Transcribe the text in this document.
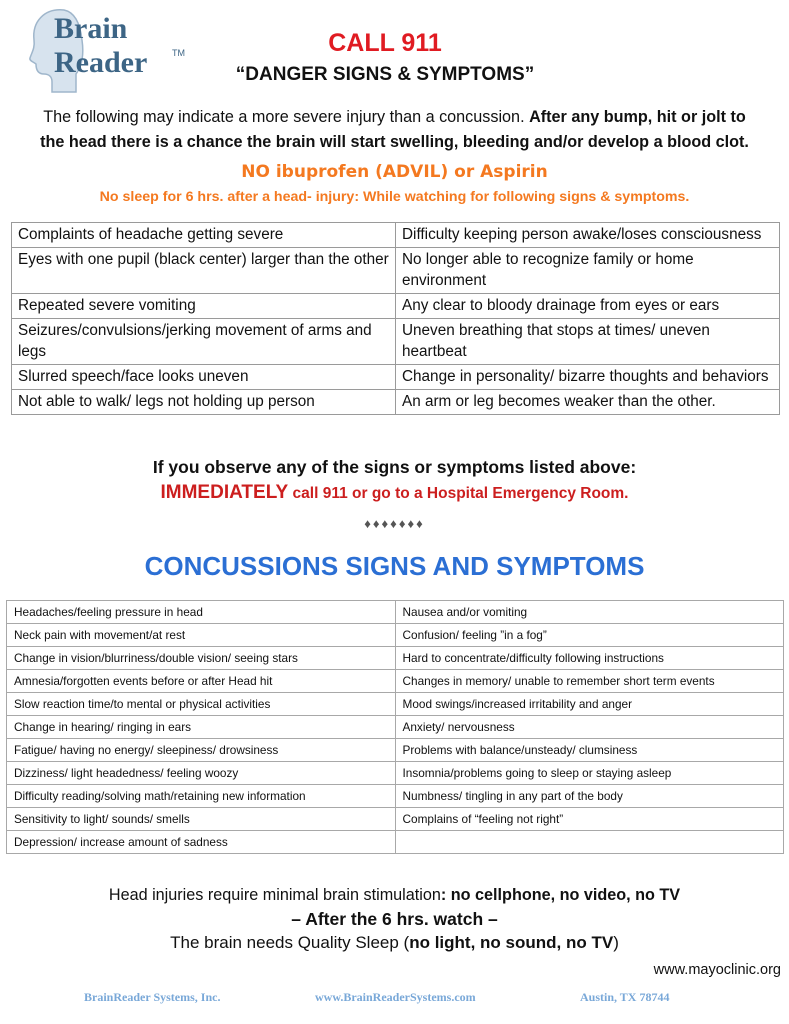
Brain
Reader	TM	CALL 911
“DANGER SIGNS & SYMPTOMS”
The following may indicate a more severe injury than a concussion. After any bump, hit or jolt to
the head there is a chance the brain will start swelling, bleeding and/or develop a blood clot.
NO ibuprofen (ADVIL) or Aspirin
No sleep for 6 hrs. after a head- injury: While watching for following signs & symptoms.
Complaints of headache getting severe	Difficulty keeping person awake/loses consciousness
Eyes with one pupil (black center) larger than the other	No longer able to recognize family or home environment
Repeated severe vomiting	Any clear to bloody drainage from eyes or ears
Seizures/convulsions/jerking movement of arms and legs	Uneven breathing that stops at times/ uneven heartbeat
Slurred speech/face looks uneven	Change in personality/ bizarre thoughts and behaviors
Not able to walk/ legs not holding up person	An arm or leg becomes weaker than the other.
If you observe any of the signs or symptoms listed above:
IMMEDIATELY call 911 or go to a Hospital Emergency Room.
♦♦♦♦♦♦♦
CONCUSSIONS SIGNS AND SYMPTOMS
Headaches/feeling pressure in head	Nausea and/or vomiting
Neck pain with movement/at rest	Confusion/ feeling ”in a fog”
Change in vision/blurriness/double vision/ seeing stars	Hard to concentrate/difficulty following instructions
Amnesia/forgotten events before or after Head hit	Changes in memory/ unable to remember short term events
Slow reaction time/to mental or physical activities	Mood swings/increased irritability and anger
Change in hearing/ ringing in ears	Anxiety/ nervousness
Fatigue/ having no energy/ sleepiness/ drowsiness	Problems with balance/unsteady/ clumsiness
Dizziness/ light headedness/ feeling woozy	Insomnia/problems going to sleep or staying asleep
Difficulty reading/solving math/retaining new information	Numbness/ tingling in any part of the body
Sensitivity to light/ sounds/ smells	Complains of “feeling not right”
Depression/ increase amount of sadness	
Head injuries require minimal brain stimulation: no cellphone, no video, no TV
– After the 6 hrs. watch –
The brain needs Quality Sleep (no light, no sound, no TV)
www.mayoclinic.org
BrainReader Systems, Inc.	www.BrainReaderSystems.com	Austin, TX 78744
